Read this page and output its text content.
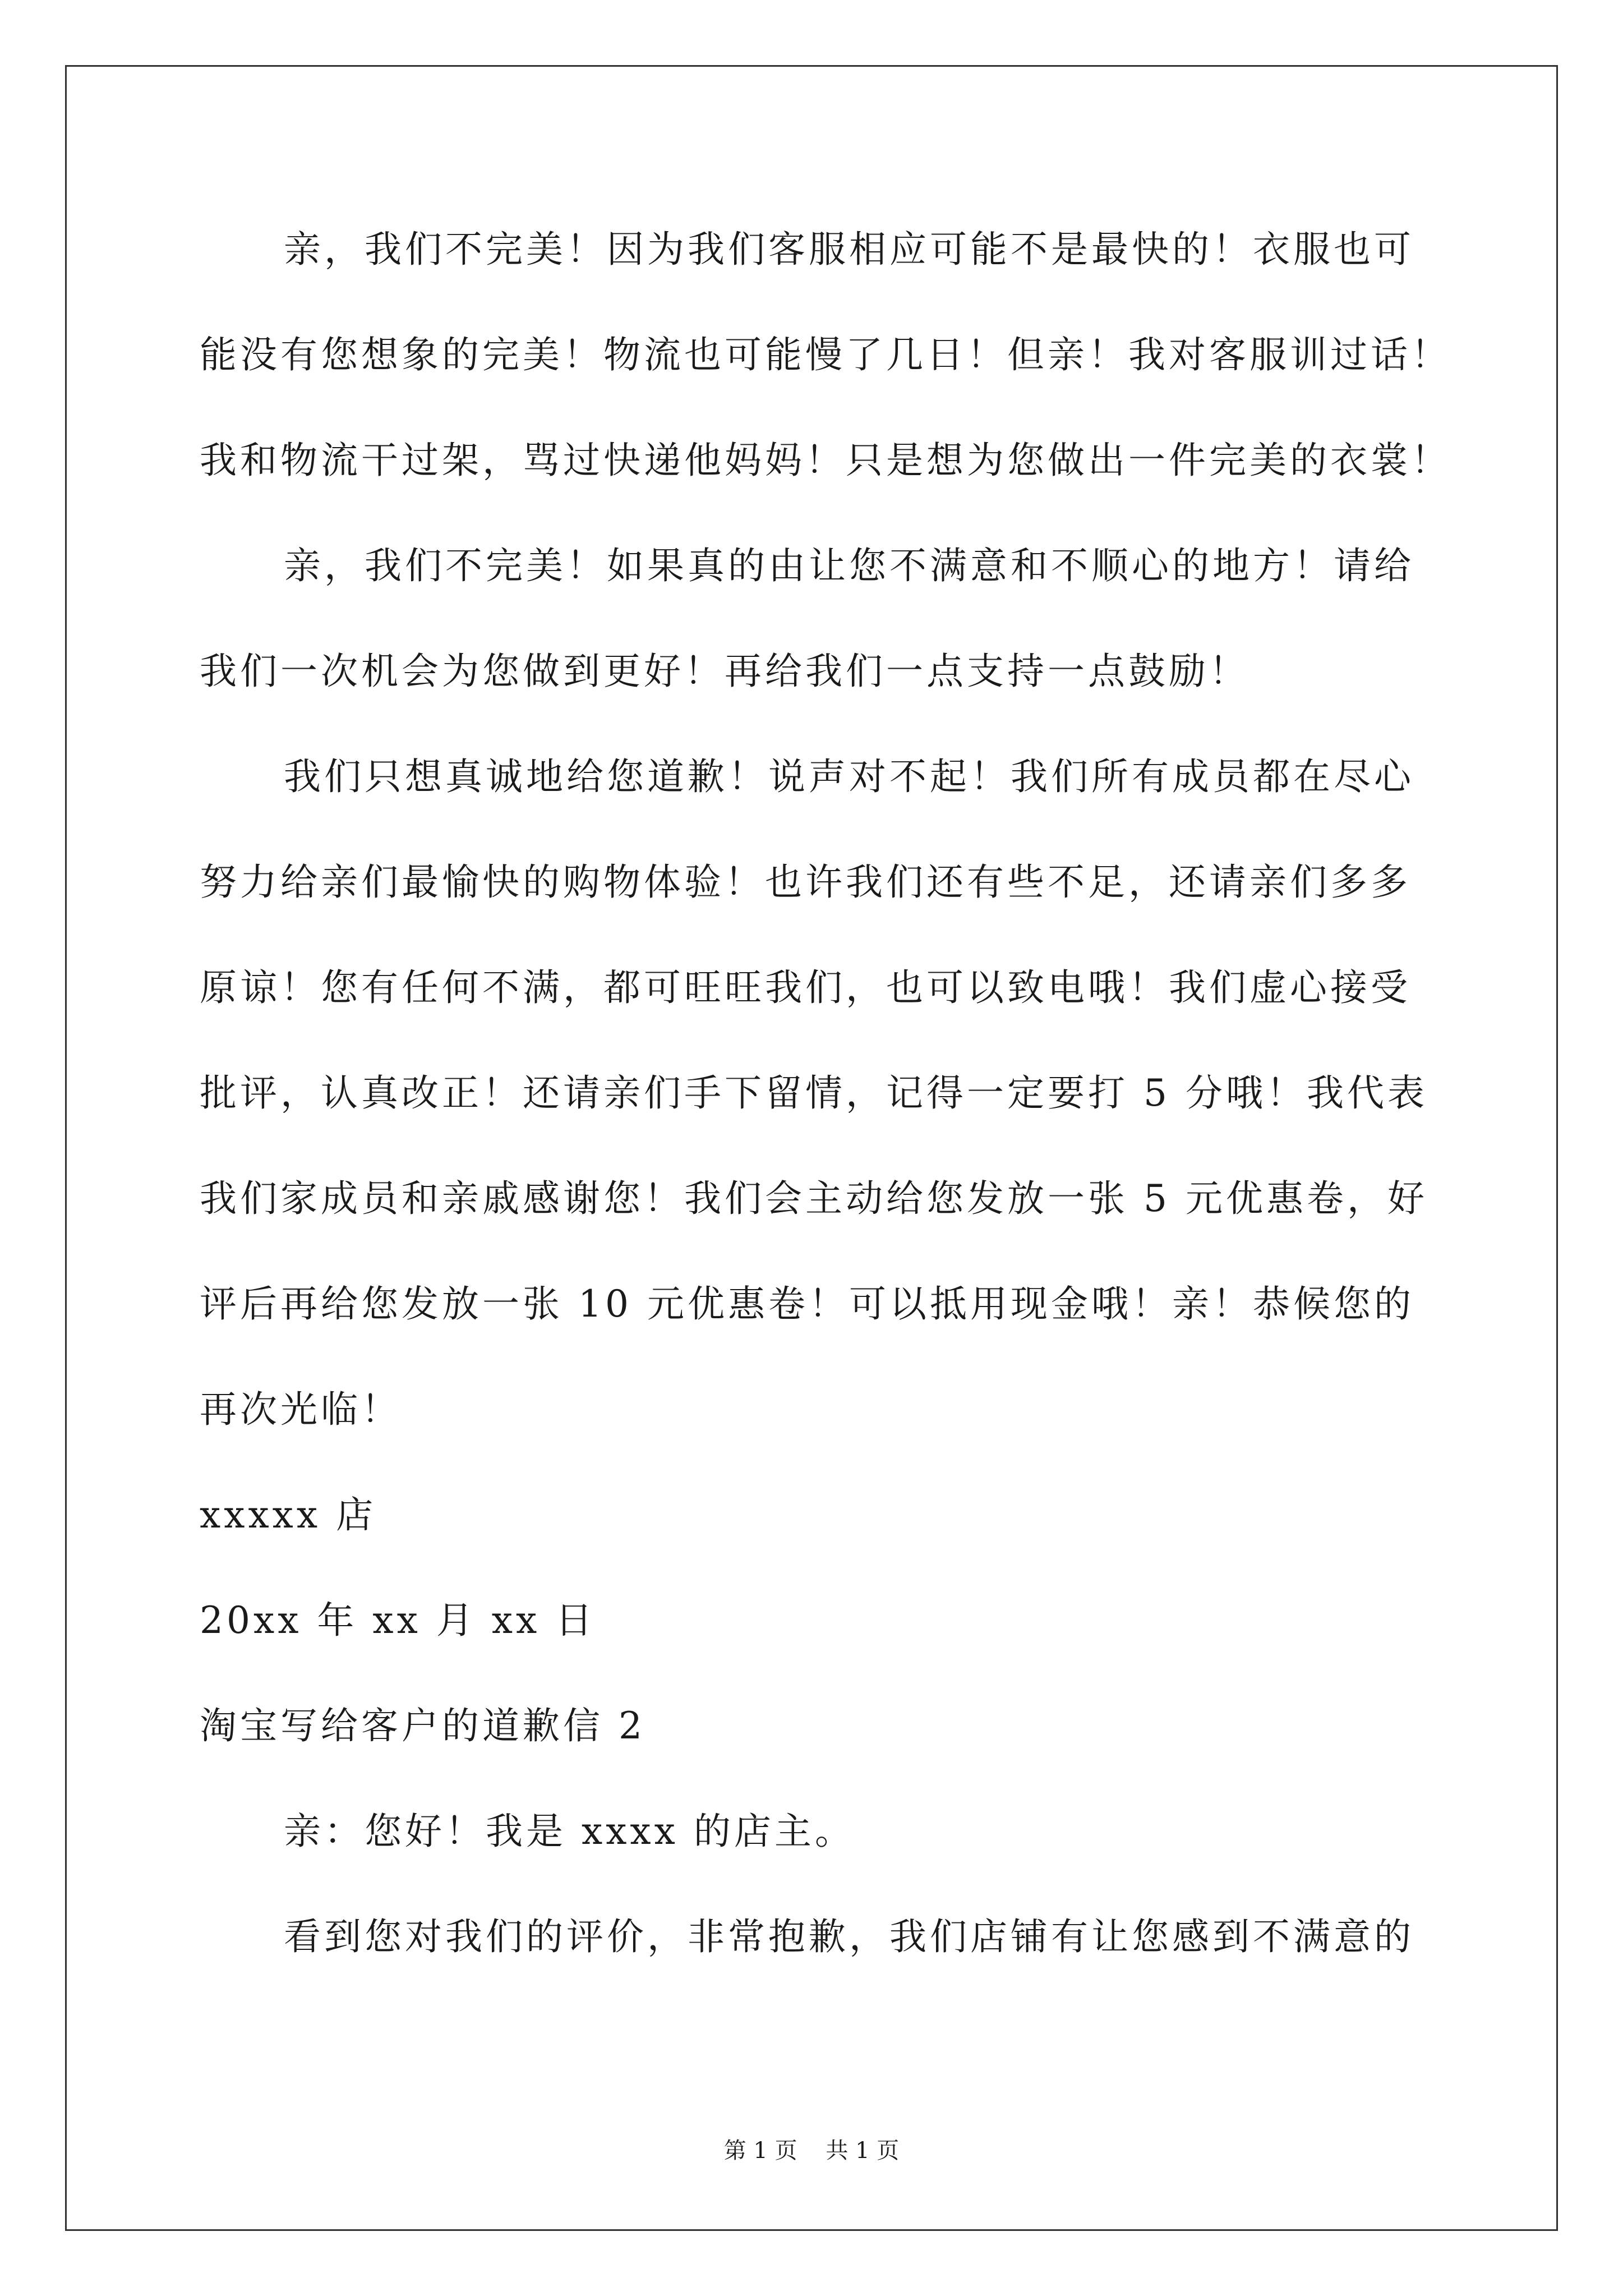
亲，我们不完美！因为我们客服相应可能不是最快的！衣服也可
能没有您想象的完美！物流也可能慢了几日！但亲！我对客服训过话！
我和物流干过架，骂过快递他妈妈！只是想为您做出一件完美的衣裳！
亲，我们不完美！如果真的由让您不满意和不顺心的地方！请给
我们一次机会为您做到更好！再给我们一点支持一点鼓励！
我们只想真诚地给您道歉！说声对不起！我们所有成员都在尽心
努力给亲们最愉快的购物体验！也许我们还有些不足，还请亲们多多
原谅！您有任何不满，都可旺旺我们，也可以致电哦！我们虚心接受
批评，认真改正！还请亲们手下留情，记得一定要打 5 分哦！我代表
我们家成员和亲戚感谢您！我们会主动给您发放一张 5 元优惠卷，好
评后再给您发放一张 10 元优惠卷！可以抵用现金哦！亲！恭候您的
再次光临！
xxxxx 店
20xx 年 xx 月 xx 日
淘宝写给客户的道歉信 2
亲：您好！我是 xxxx 的店主。
看到您对我们的评价，非常抱歉，我们店铺有让您感到不满意的
第 1 页    共 1 页
